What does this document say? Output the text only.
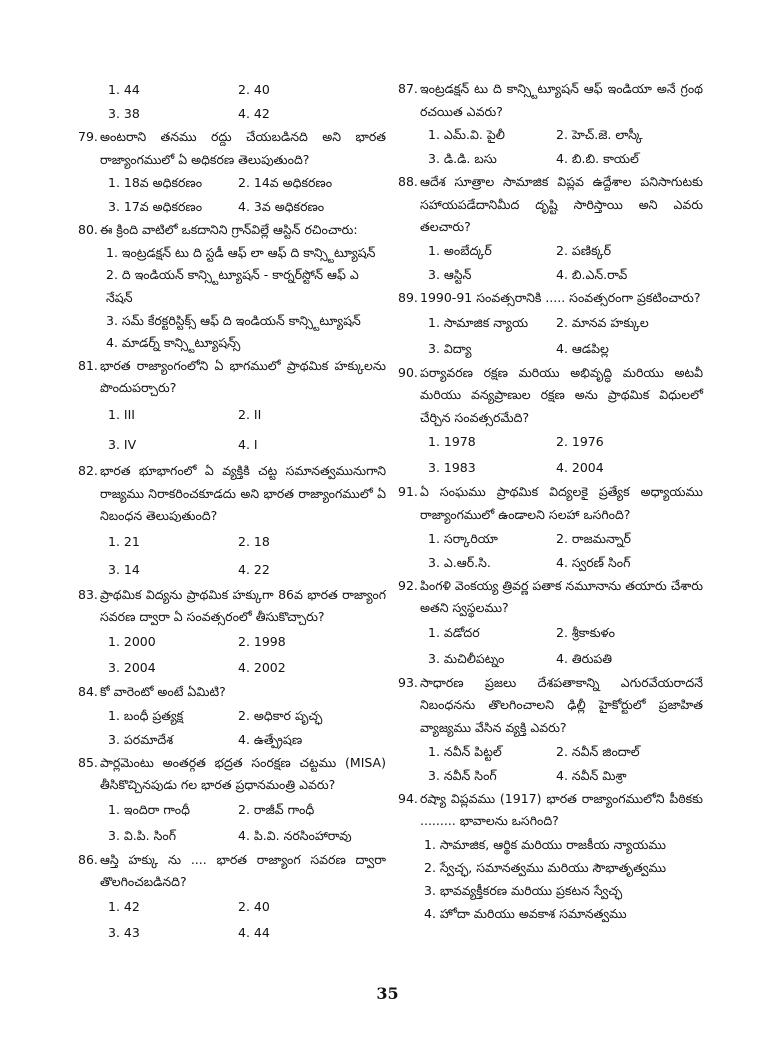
1. 44	2. 40
3. 38	4. 42
79. అంటరాని తనము రద్దు చేయబడినది అని భారత రాజ్యాంగములో ఏ అధికరణ తెలుపుతుంది?
1. 18వ అధికరణం	2. 14వ అధికరణం
3. 17వ అధికరణం	4. 3వ అధికరణం
80. ఈ క్రింది వాటిలో ఒకదానిని గ్రాన్‌విల్లే ఆస్టిన్ రచించారు:
1. ఇంట్రడక్షన్ టు ది స్టడీ ఆఫ్ లా ఆఫ్ ది కాన్స్టిట్యూషన్
2. ది ఇండియన్ కాన్స్టిట్యూషన్ - కార్నర్‌స్టోన్ ఆఫ్ ఎ నేషన్
3. సమ్ కేరక్టరిస్టిక్స్ ఆఫ్ ది ఇండియన్ కాన్స్టిట్యూషన్
4. మాడర్న్ కాన్స్టిట్యూషన్స్
81. భారత రాజ్యాంగంలోని ఏ భాగములో ప్రాథమిక హక్కులను పొందుపర్చారు?
1. III	2. II
3. IV	4. I
82. భారత భూభాగంలో ఏ వ్యక్తికి చట్ట సమానత్వమునుగాని రాజ్యము నిరాకరించకూడదు అని భారత రాజ్యాంగములో ఏ నిబంధన తెలుపుతుంది?
1. 21	2. 18
3. 14	4. 22
83. ప్రాథమిక విద్యను ప్రాథమిక హక్కుగా 86వ భారత రాజ్యాంగ సవరణ ద్వారా ఏ సంవత్సరంలో తీసుకొచ్చారు?
1. 2000	2. 1998
3. 2004	4. 2002
84. కో వారెంటో అంటే ఏమిటి?
1. బంధీ ప్రత్యక్ష	2. అధికార పృచ్ఛ
3. పరమాదేశ	4. ఉత్ప్రేషణ
85. పార్లమెంటు అంతర్గత భద్రత సంరక్షణ చట్టము (MISA) తీసికొచ్చినపుడు గల భారత ప్రధానమంత్రి ఎవరు?
1. ఇందిరా గాంధీ	2. రాజీవ్ గాంధీ
3. వి.పి. సింగ్	4. పి.వి. నరసింహారావు
86. ఆస్తి హక్కు ను .... భారత రాజ్యాంగ సవరణ ద్వారా తొలగించబడినది?
1. 42	2. 40
3. 43	4. 44
87. ఇంట్రడక్షన్ టు ది కాన్స్టిట్యూషన్ ఆఫ్ ఇండియా అనే గ్రంథ రచయిత ఎవరు?
1. ఎమ్.వి. పైలీ	2. హెచ్.జె. లాస్కీ
3. డి.డి. బసు	4. బి.బి. కాయల్
88. ఆదేశ సూత్రాల సామాజిక విప్లవ ఉద్దేశాల పనిసాగుటకు సహాయపడేదానిమీద దృష్టి సారిస్తాయి అని ఎవరు తలచారు?
1. అంబేద్కర్	2. పణిక్కర్
3. ఆస్టిన్	4. బి.ఎన్.రావ్
89. 1990-91 సంవత్సరానికి ..... సంవత్సరంగా ప్రకటించారు?
1. సామాజిక న్యాయ	2. మానవ హక్కుల
3. విద్యా	4. ఆడపిల్ల
90. పర్యావరణ రక్షణ మరియు అభివృద్ధి మరియు అటవీ మరియు వన్యప్రాణుల రక్షణ అను ప్రాథమిక విధులలో చేర్చిన సంవత్సరమేది?
1. 1978	2. 1976
3. 1983	4. 2004
91. ఏ సంఘము ప్రాథమిక విద్యలకై ప్రత్యేక అధ్యాయము రాజ్యాంగములో ఉండాలని సలహా ఒసగింది?
1. సర్కారియా	2. రాజమన్నార్
3. ఎ.ఆర్.సి.	4. స్వరణ్ సింగ్
92. పింగళి వెంకయ్య త్రివర్ణ పతాక నమూనాను తయారు చేశారు అతని స్వస్థలము?
1. వడోదర	2. శ్రీకాకుళం
3. మచిలీపట్నం	4. తిరుపతి
93. సాధారణ ప్రజలు దేశపతాకాన్ని ఎగురవేయరాదనే నిబంధనను తొలగించాలని ఢిల్లీ హైకోర్టులో ప్రజాహిత వ్యాజ్యము వేసిన వ్యక్తి ఎవరు?
1. నవీన్ పిట్టల్	2. నవీన్ జిందాల్
3. నవీన్ సింగ్	4. నవీన్ మిశ్రా
94. రష్యా విప్లవము (1917) భారత రాజ్యాంగములోని పీఠికకు ......... భావాలను ఒసగింది?
1. సామాజిక, ఆర్థిక మరియు రాజకీయ న్యాయము
2. స్వేచ్ఛ, సమానత్వము మరియు సౌభాతృత్వము
3. భావవ్యక్తీకరణ మరియు ప్రకటన స్వేచ్ఛ
4. హోదా మరియు అవకాశ సమానత్వము
35
